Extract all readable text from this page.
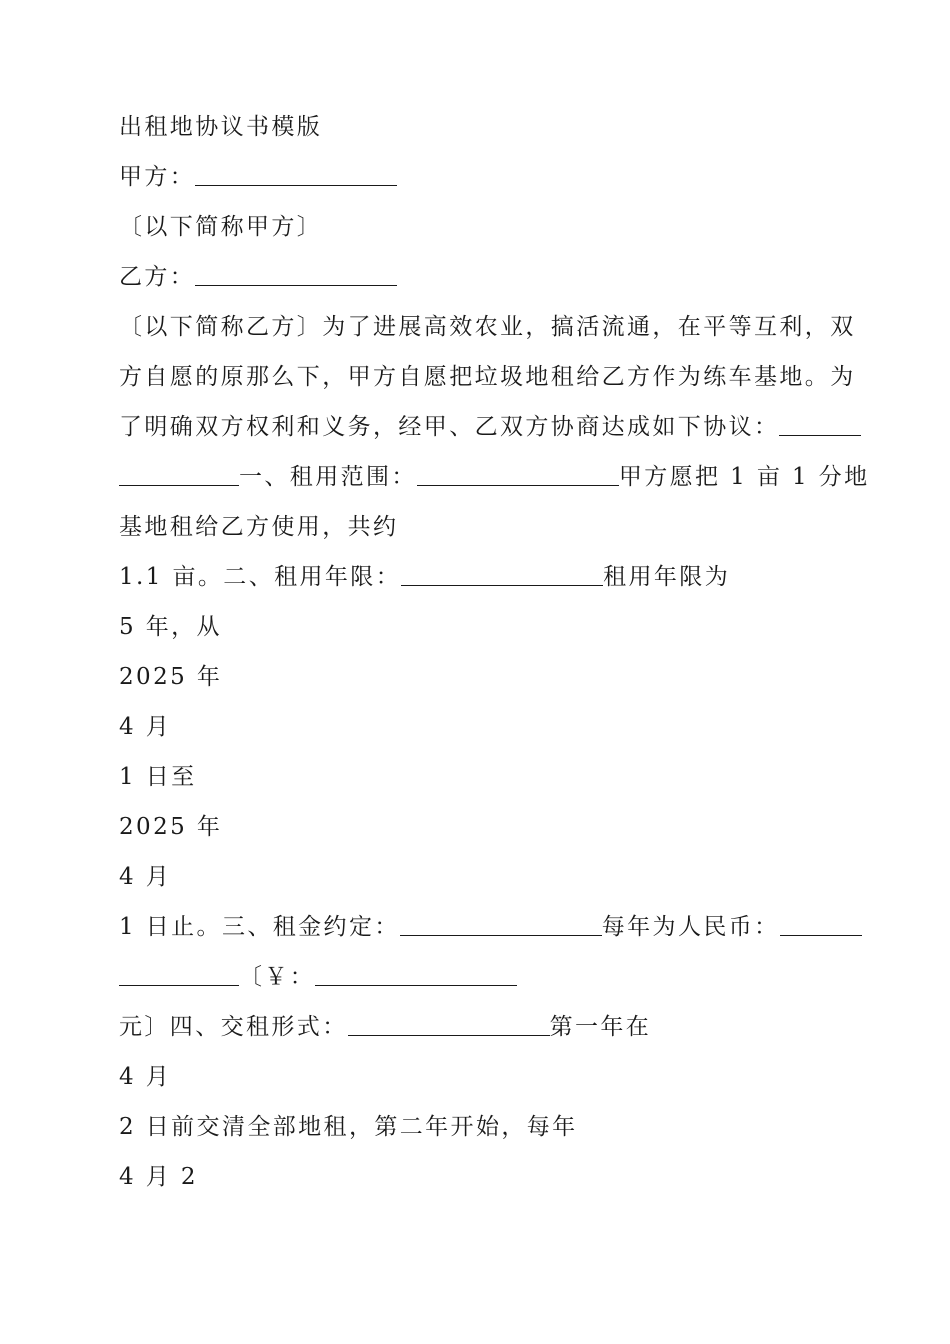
出租地协议书模版
甲方：
〔以下简称甲方〕
乙方：
〔以下简称乙方〕为了进展高效农业，搞活流通，在平等互利，双
方自愿的原那么下，甲方自愿把垃圾地租给乙方作为练车基地。为
了明确双方权利和义务，经甲、乙双方协商达成如下协议：
一、租用范围：	甲方愿把 1 亩 1 分地
基地租给乙方使用，共约
1.1 亩。二、租用年限：	租用年限为
5 年，从
2025 年
4 月
1 日至
2025 年
4 月
1 日止。三、租金约定：	每年为人民币：
〔￥：
元〕四、交租形式：	第一年在
4 月
2 日前交清全部地租，第二年开始，每年
4 月 2
